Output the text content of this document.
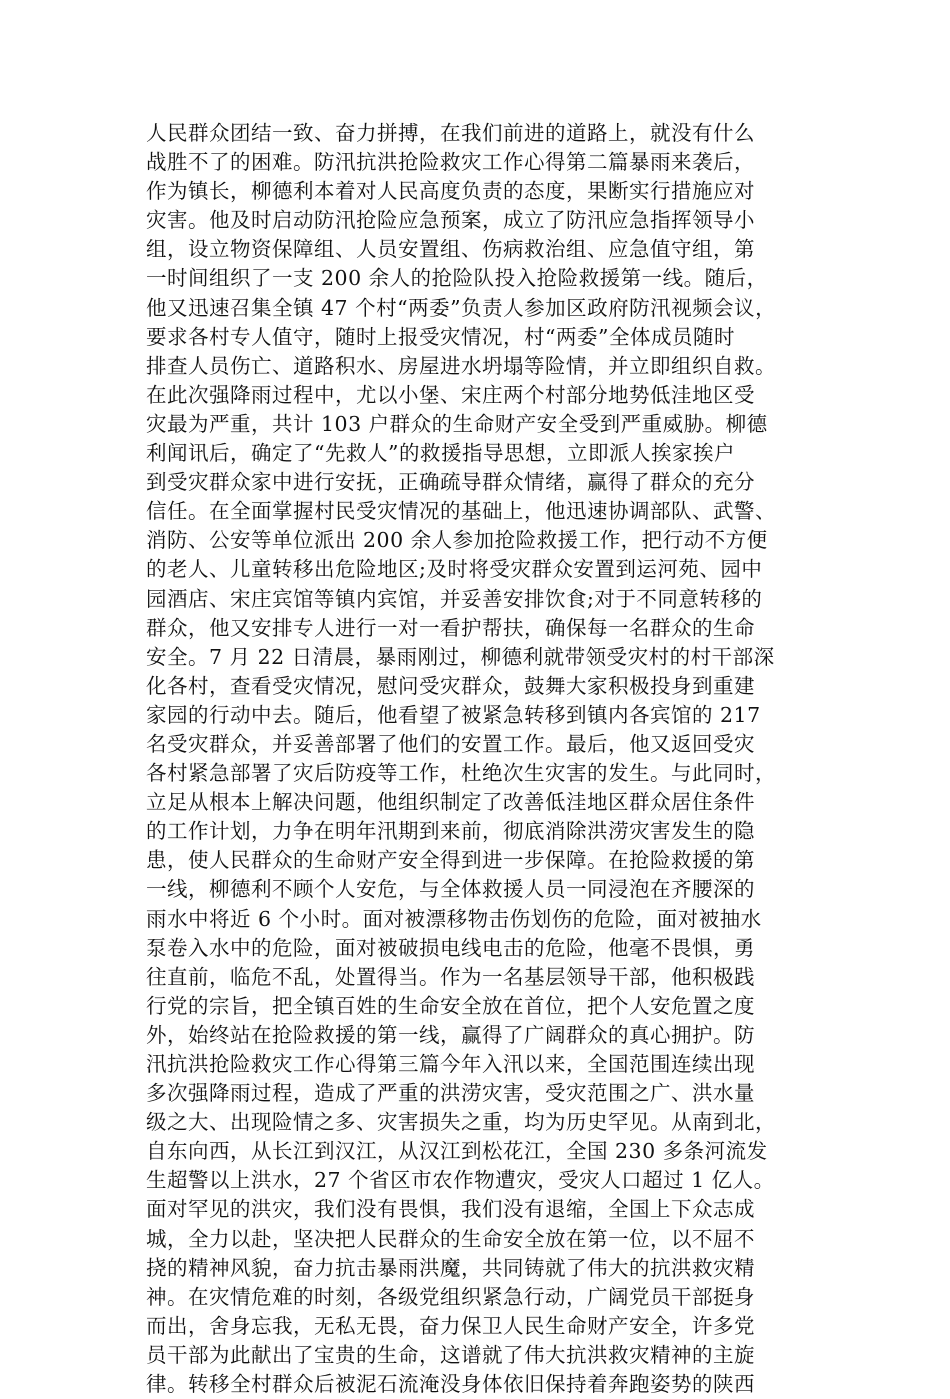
人民群众团结一致、奋力拼搏，在我们前进的道路上，就没有什么
战胜不了的困难。防汛抗洪抢险救灾工作心得第二篇暴雨来袭后，
作为镇长，柳德利本着对人民高度负责的态度，果断实行措施应对
灾害。他及时启动防汛抢险应急预案，成立了防汛应急指挥领导小
组，设立物资保障组、人员安置组、伤病救治组、应急值守组，第
一时间组织了一支 200 余人的抢险队投入抢险救援第一线。随后，
他又迅速召集全镇 47 个村“两委”负责人参加区政府防汛视频会议，
要求各村专人值守，随时上报受灾情况，村“两委”全体成员随时
排查人员伤亡、道路积水、房屋进水坍塌等险情，并立即组织自救。
在此次强降雨过程中，尤以小堡、宋庄两个村部分地势低洼地区受
灾最为严重，共计 103 户群众的生命财产安全受到严重威胁。柳德
利闻讯后，确定了“先救人”的救援指导思想，立即派人挨家挨户
到受灾群众家中进行安抚，正确疏导群众情绪，赢得了群众的充分
信任。在全面掌握村民受灾情况的基础上，他迅速协调部队、武警、
消防、公安等单位派出 200 余人参加抢险救援工作，把行动不方便
的老人、儿童转移出危险地区;及时将受灾群众安置到运河苑、园中
园酒店、宋庄宾馆等镇内宾馆，并妥善安排饮食;对于不同意转移的
群众，他又安排专人进行一对一看护帮扶，确保每一名群众的生命
安全。7 月 22 日清晨，暴雨刚过，柳德利就带领受灾村的村干部深
化各村，查看受灾情况，慰问受灾群众，鼓舞大家积极投身到重建
家园的行动中去。随后，他看望了被紧急转移到镇内各宾馆的 217
名受灾群众，并妥善部署了他们的安置工作。最后，他又返回受灾
各村紧急部署了灾后防疫等工作，杜绝次生灾害的发生。与此同时，
立足从根本上解决问题，他组织制定了改善低洼地区群众居住条件
的工作计划，力争在明年汛期到来前，彻底消除洪涝灾害发生的隐
患，使人民群众的生命财产安全得到进一步保障。在抢险救援的第
一线，柳德利不顾个人安危，与全体救援人员一同浸泡在齐腰深的
雨水中将近 6 个小时。面对被漂移物击伤划伤的危险，面对被抽水
泵卷入水中的危险，面对被破损电线电击的危险，他毫不畏惧，勇
往直前，临危不乱，处置得当。作为一名基层领导干部，他积极践
行党的宗旨，把全镇百姓的生命安全放在首位，把个人安危置之度
外，始终站在抢险救援的第一线，赢得了广阔群众的真心拥护。防
汛抗洪抢险救灾工作心得第三篇今年入汛以来，全国范围连续出现
多次强降雨过程，造成了严重的洪涝灾害，受灾范围之广、洪水量
级之大、出现险情之多、灾害损失之重，均为历史罕见。从南到北，
自东向西，从长江到汉江，从汉江到松花江，全国 230 多条河流发
生超警以上洪水，27 个省区市农作物遭灾，受灾人口超过 1 亿人。
面对罕见的洪灾，我们没有畏惧，我们没有退缩，全国上下众志成
城，全力以赴，坚决把人民群众的生命安全放在第一位，以不屈不
挠的精神风貌，奋力抗击暴雨洪魔，共同铸就了伟大的抗洪救灾精
神。在灾情危难的时刻，各级党组织紧急行动，广阔党员干部挺身
而出，舍身忘我，无私无畏，奋力保卫人民生命财产安全，许多党
员干部为此献出了宝贵的生命，这谱就了伟大抗洪救灾精神的主旋
律。转移全村群众后被泥石流淹没身体依旧保持着奔跑姿势的陕西
